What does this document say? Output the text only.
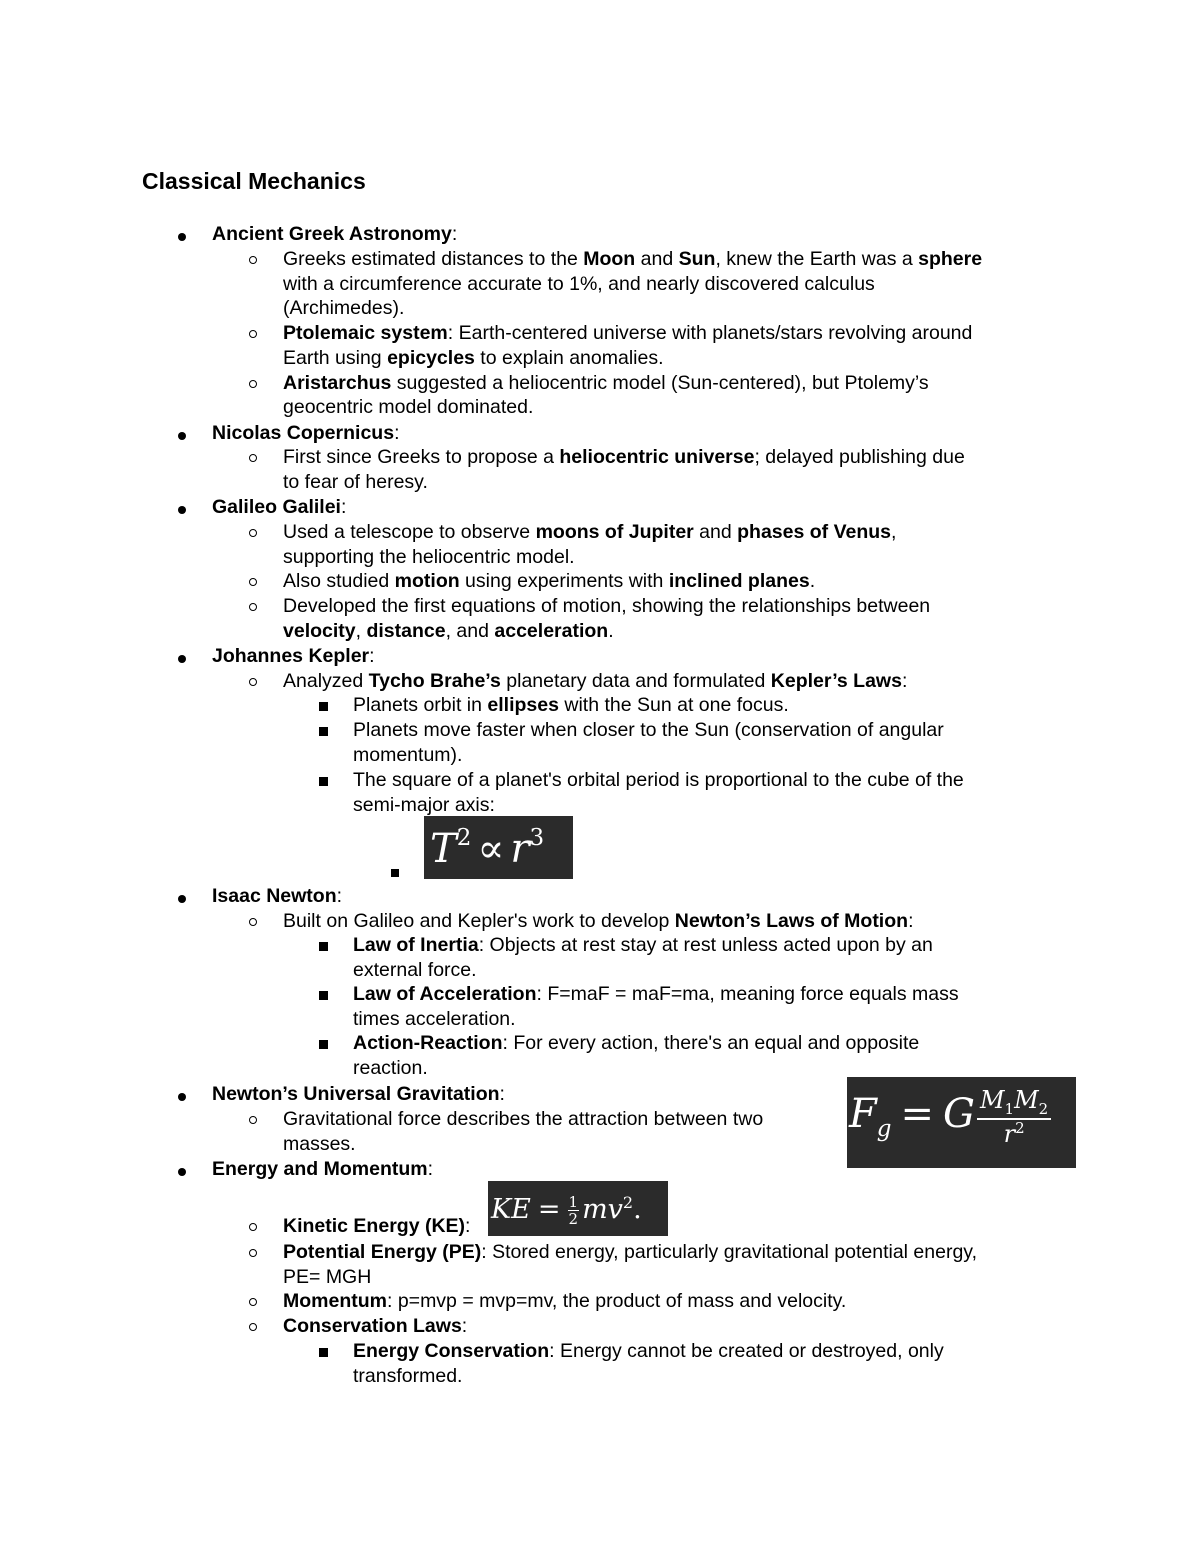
Classical Mechanics
Ancient Greek Astronomy:
Greeks estimated distances to the Moon and Sun, knew the Earth was a sphere
with a circumference accurate to 1%, and nearly discovered calculus
(Archimedes).
Ptolemaic system: Earth-centered universe with planets/stars revolving around
Earth using epicycles to explain anomalies.
Aristarchus suggested a heliocentric model (Sun-centered), but Ptolemy’s
geocentric model dominated.
Nicolas Copernicus:
First since Greeks to propose a heliocentric universe; delayed publishing due
to fear of heresy.
Galileo Galilei:
Used a telescope to observe moons of Jupiter and phases of Venus,
supporting the heliocentric model.
Also studied motion using experiments with inclined planes.
Developed the first equations of motion, showing the relationships between
velocity, distance, and acceleration.
Johannes Kepler:
Analyzed Tycho Brahe’s planetary data and formulated Kepler’s Laws:
Planets orbit in ellipses with the Sun at one focus.
Planets move faster when closer to the Sun (conservation of angular
momentum).
The square of a planet's orbital period is proportional to the cube of the
semi-major axis:
$T^2 \propto r^3$
Isaac Newton:
Built on Galileo and Kepler's work to develop Newton’s Laws of Motion:
Law of Inertia: Objects at rest stay at rest unless acted upon by an
external force.
Law of Acceleration: F=maF = maF=ma, meaning force equals mass
times acceleration.
Action-Reaction: For every action, there's an equal and opposite
reaction.
Newton’s Universal Gravitation:
Gravitational force describes the attraction between two
masses.
$F_g = G \frac{M_1M_2}{r^2}$
Energy and Momentum:
Kinetic Energy (KE):
KE = $\frac{1}{2} mv^2$.
Potential Energy (PE): Stored energy, particularly gravitational potential energy,
PE= MGH
Momentum: p=mvp = mvp=mv, the product of mass and velocity.
Conservation Laws:
Energy Conservation: Energy cannot be created or destroyed, only
transformed.
